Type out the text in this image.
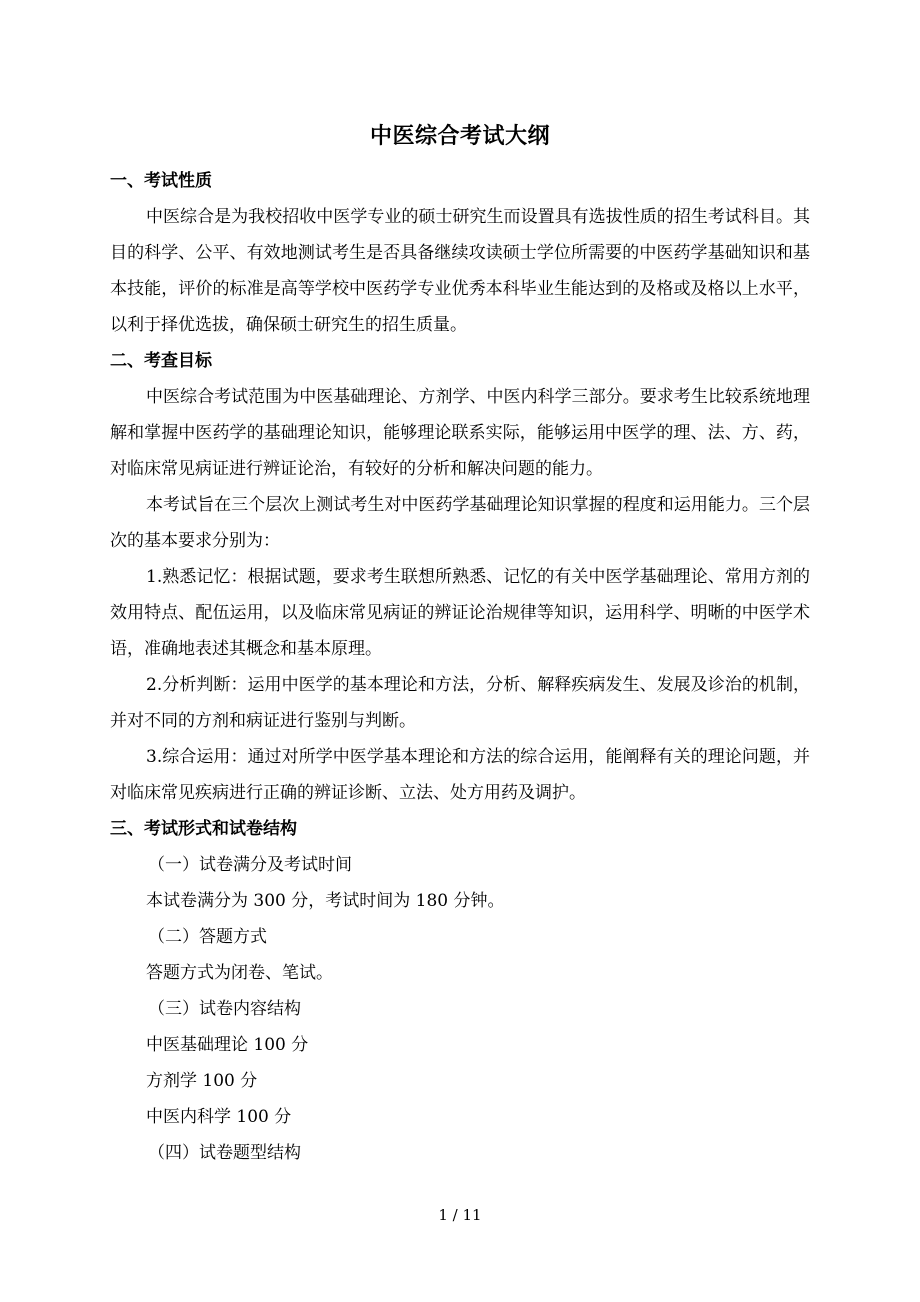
中医综合考试大纲
一、考试性质

中医综合是为我校招收中医学专业的硕士研究生而设置具有选拔性质的招生考试科目。其目的科学、公平、有效地测试考生是否具备继续攻读硕士学位所需要的中医药学基础知识和基本技能，评价的标准是高等学校中医药学专业优秀本科毕业生能达到的及格或及格以上水平，以利于择优选拔，确保硕士研究生的招生质量。

二、考查目标

中医综合考试范围为中医基础理论、方剂学、中医内科学三部分。要求考生比较系统地理解和掌握中医药学的基础理论知识，能够理论联系实际，能够运用中医学的理、法、方、药，对临床常见病证进行辨证论治，有较好的分析和解决问题的能力。

本考试旨在三个层次上测试考生对中医药学基础理论知识掌握的程度和运用能力。三个层次的基本要求分别为：

1.熟悉记忆：根据试题，要求考生联想所熟悉、记忆的有关中医学基础理论、常用方剂的效用特点、配伍运用，以及临床常见病证的辨证论治规律等知识，运用科学、明晰的中医学术语，准确地表述其概念和基本原理。

2.分析判断：运用中医学的基本理论和方法，分析、解释疾病发生、发展及诊治的机制，并对不同的方剂和病证进行鉴别与判断。

3.综合运用：通过对所学中医学基本理论和方法的综合运用，能阐释有关的理论问题，并对临床常见疾病进行正确的辨证诊断、立法、处方用药及调护。

三、考试形式和试卷结构
（一）试卷满分及考试时间
本试卷满分为 300 分，考试时间为 180 分钟。
（二）答题方式
答题方式为闭卷、笔试。
（三）试卷内容结构
中医基础理论 100 分
方剂学 100 分
中医内科学 100 分
（四）试卷题型结构
1 / 11
